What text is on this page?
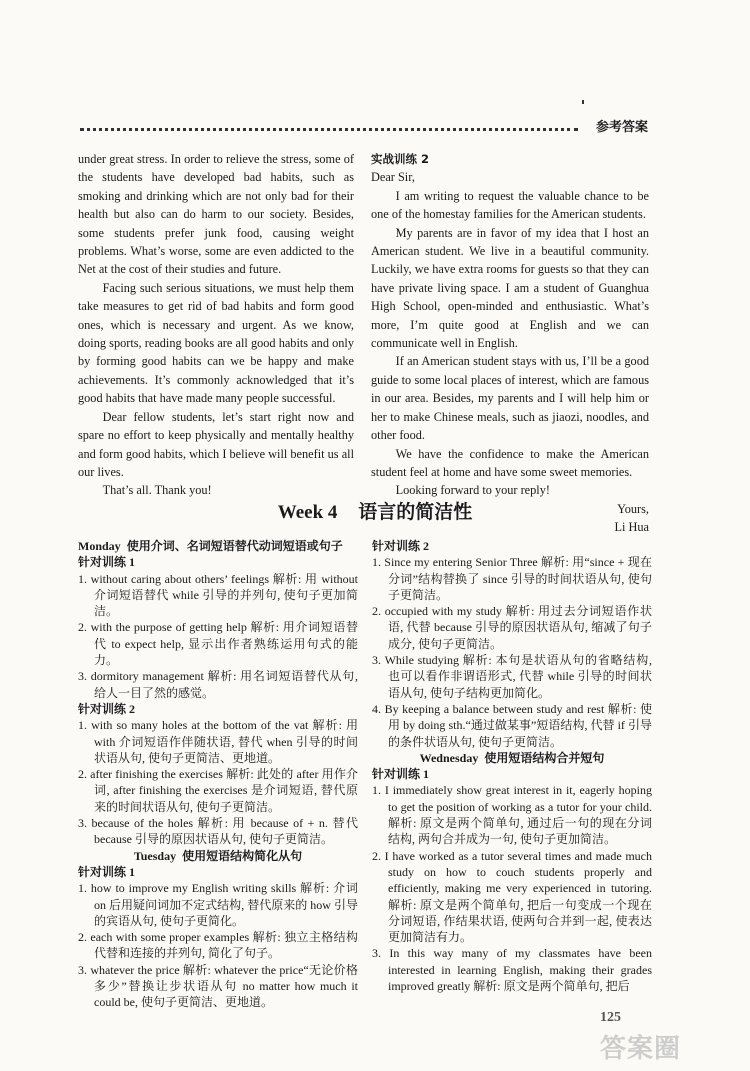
参考答案

under great stress. In order to relieve the stress, some of the students have developed bad habits, such as smoking and drinking which are not only bad for their health but also can do harm to our society. Besides, some students prefer junk food, causing weight problems. What’s worse, some are even addicted to the Net at the cost of their studies and future.

Facing such serious situations, we must help them take measures to get rid of bad habits and form good ones, which is necessary and urgent. As we know, doing sports, reading books are all good habits and only by forming good habits can we be happy and make achievements. It’s commonly acknowledged that it’s good habits that have made many people successful.

Dear fellow students, let’s start right now and spare no effort to keep physically and mentally healthy and form good habits, which I believe will benefit us all our lives.

That’s all. Thank you!

实战训练 2

Dear Sir,

I am writing to request the valuable chance to be one of the homestay families for the American students.

My parents are in favor of my idea that I host an American student. We live in a beautiful community. Luckily, we have extra rooms for guests so that they can have private living space. I am a student of Guanghua High School, open-minded and enthusiastic. What’s more, I’m quite good at English and we can communicate well in English.

If an American student stays with us, I’ll be a good guide to some local places of interest, which are famous in our area. Besides, my parents and I will help him or her to make Chinese meals, such as jiaozi, noodles, and other food.

We have the confidence to make the American student feel at home and have some sweet memories.

Looking forward to your reply!

Yours,

Li Hua

Week 4 语言的简洁性

Monday 使用介词、名词短语替代动词短语或句子

针对训练 1

1. without caring about others’ feelings 解析: 用 without 介词短语替代 while 引导的并列句, 使句子更加简洁。

2. with the purpose of getting help 解析: 用介词短语替代 to expect help, 显示出作者熟练运用句式的能力。

3. dormitory management 解析: 用名词短语替代从句, 给人一目了然的感觉。

针对训练 2

1. with so many holes at the bottom of the vat 解析: 用 with 介词短语作伴随状语, 替代 when 引导的时间状语从句, 使句子更简洁、更地道。

2. after finishing the exercises 解析: 此处的 after 用作介词, after finishing the exercises 是介词短语, 替代原来的时间状语从句, 使句子更简洁。

3. because of the holes 解析: 用 because of + n. 替代 because 引导的原因状语从句, 使句子更简洁。

Tuesday 使用短语结构简化从句

针对训练 1

1. how to improve my English writing skills 解析: 介词 on 后用疑问词加不定式结构, 替代原来的 how 引导的宾语从句, 使句子更简化。

2. each with some proper examples 解析: 独立主格结构代替和连接的并列句, 简化了句子。

3. whatever the price 解析: whatever the price“无论价格多少”替换让步状语从句 no matter how much it could be, 使句子更简洁、更地道。

针对训练 2

1. Since my entering Senior Three 解析: 用“since + 现在分词”结构替换了 since 引导的时间状语从句, 使句子更简洁。

2. occupied with my study 解析: 用过去分词短语作状语, 代替 because 引导的原因状语从句, 缩减了句子成分, 使句子更简洁。

3. While studying 解析: 本句是状语从句的省略结构, 也可以看作非谓语形式, 代替 while 引导的时间状语从句, 使句子结构更加简化。

4. By keeping a balance between study and rest 解析: 使用 by doing sth.“通过做某事”短语结构, 代替 if 引导的条件状语从句, 使句子更简洁。

Wednesday 使用短语结构合并短句

针对训练 1

1. I immediately show great interest in it, eagerly hoping to get the position of working as a tutor for your child. 解析: 原文是两个简单句, 通过后一句的现在分词结构, 两句合并成为一句, 使句子更加简洁。

2. I have worked as a tutor several times and made much study on how to couch students properly and efficiently, making me very experienced in tutoring. 解析: 原文是两个简单句, 把后一句变成一个现在分词短语, 作结果状语, 使两句合并到一起, 使表达更加简洁有力。

3. In this way many of my classmates have been interested in learning English, making their grades improved greatly 解析: 原文是两个简单句, 把后

125
答案圈
